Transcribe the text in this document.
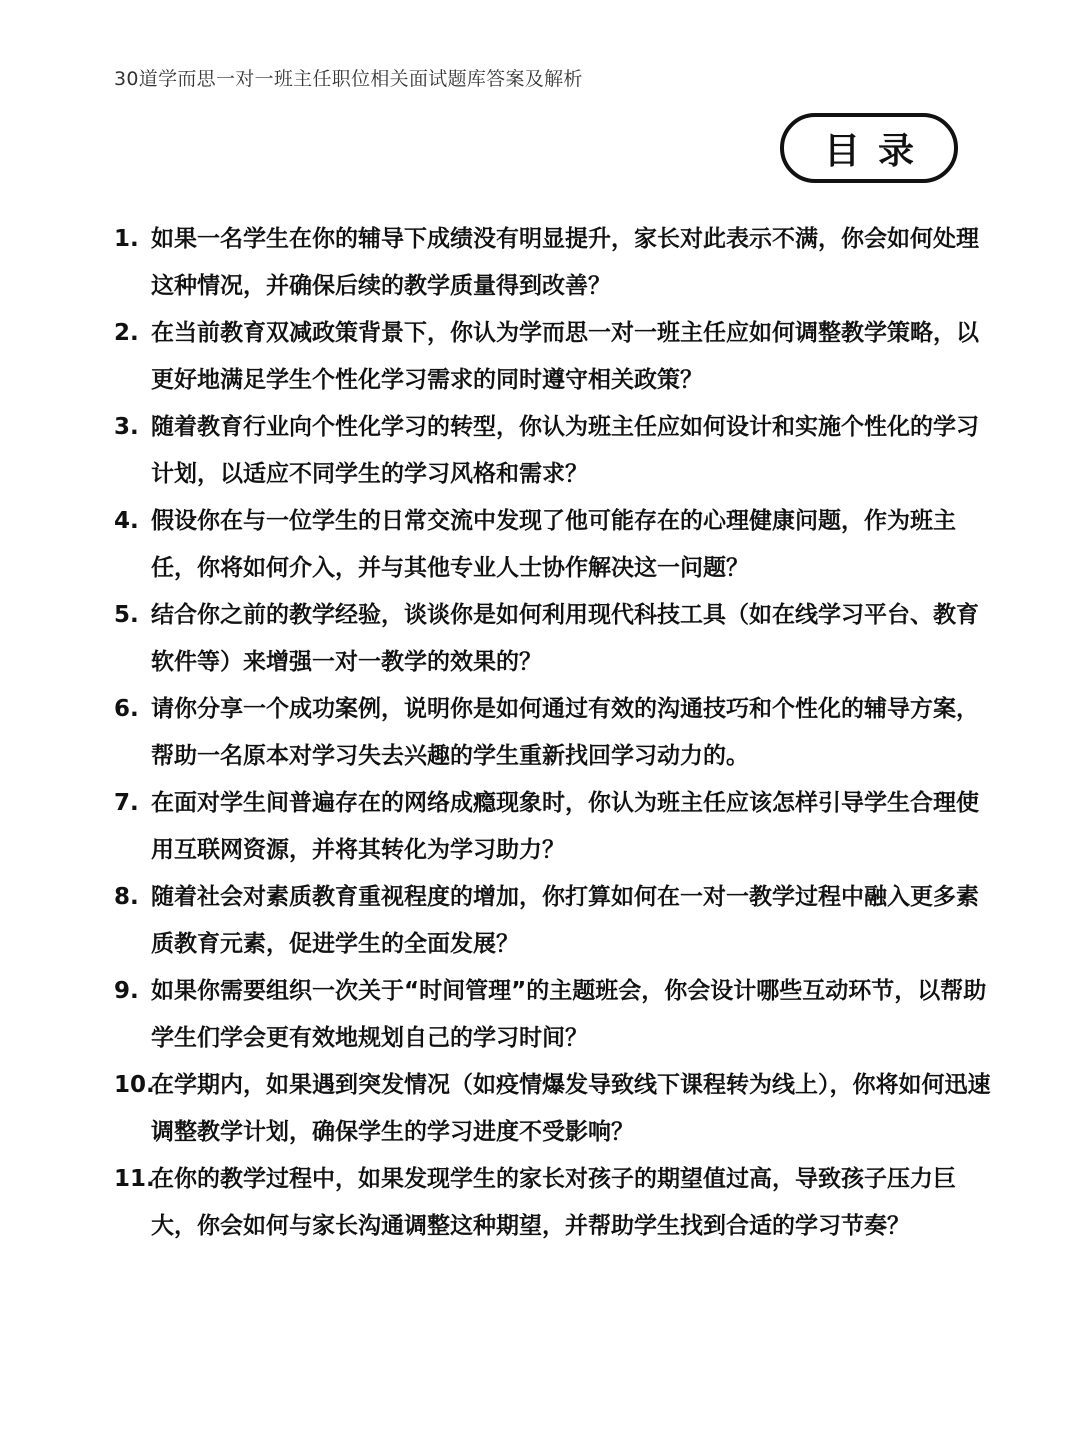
30道学而思一对一班主任职位相关面试题库答案及解析
目录
1. 如果一名学生在你的辅导下成绩没有明显提升，家长对此表示不满，你会如何处理这种情况，并确保后续的教学质量得到改善？
2. 在当前教育双减政策背景下，你认为学而思一对一班主任应如何调整教学策略，以更好地满足学生个性化学习需求的同时遵守相关政策？
3. 随着教育行业向个性化学习的转型，你认为班主任应如何设计和实施个性化的学习计划，以适应不同学生的学习风格和需求？
4. 假设你在与一位学生的日常交流中发现了他可能存在的心理健康问题，作为班主任，你将如何介入，并与其他专业人士协作解决这一问题？
5. 结合你之前的教学经验，谈谈你是如何利用现代科技工具（如在线学习平台、教育软件等）来增强一对一教学的效果的？
6. 请你分享一个成功案例，说明你是如何通过有效的沟通技巧和个性化的辅导方案，帮助一名原本对学习失去兴趣的学生重新找回学习动力的。
7. 在面对学生间普遍存在的网络成瘾现象时，你认为班主任应该怎样引导学生合理使用互联网资源，并将其转化为学习助力？
8. 随着社会对素质教育重视程度的增加，你打算如何在一对一教学过程中融入更多素质教育元素，促进学生的全面发展？
9. 如果你需要组织一次关于“时间管理”的主题班会，你会设计哪些互动环节，以帮助学生们学会更有效地规划自己的学习时间？
10.
在学期内，如果遇到突发情况（如疫情爆发导致线下课程转为线上），你将如何迅速调整教学计划，确保学生的学习进度不受影响？
11.
在你的教学过程中，如果发现学生的家长对孩子的期望值过高，导致孩子压力巨大，你会如何与家长沟通调整这种期望，并帮助学生找到合适的学习节奏？
